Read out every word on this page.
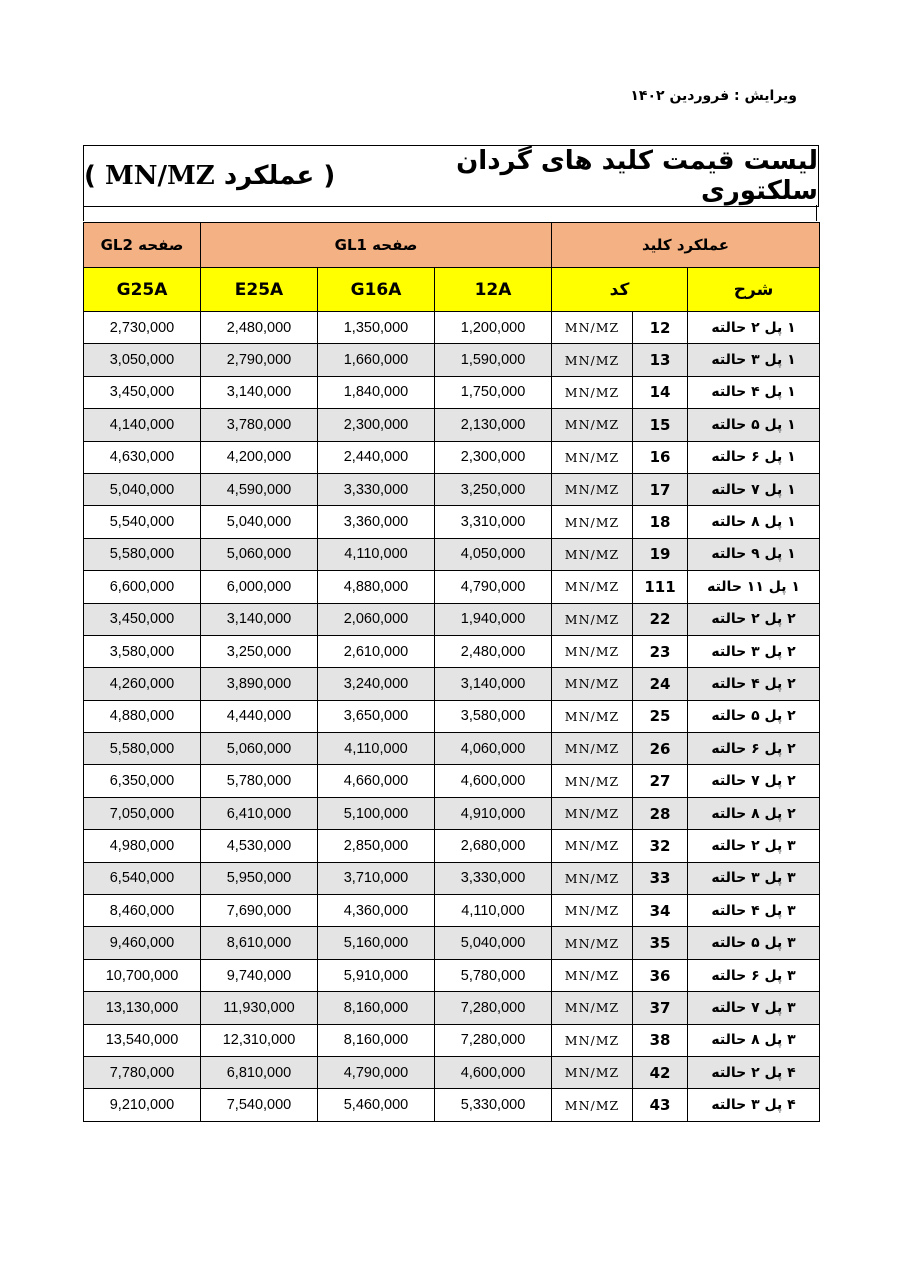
ویرایش : فروردین ۱۴۰۲
لیست قیمت کلید های گردان سلکتوری

(

عملکرد

MN/MZ

)
صفحه GL2	صفحه GL1			عملکرد کلید		
G25A	E25A	G16A	12A	کد		شرح
2,730,000	2,480,000	1,350,000	1,200,000	MN/MZ	12	۱ پل ۲ حالته
3,050,000	2,790,000	1,660,000	1,590,000	MN/MZ	13	۱ پل ۳ حالته
3,450,000	3,140,000	1,840,000	1,750,000	MN/MZ	14	۱ پل ۴ حالته
4,140,000	3,780,000	2,300,000	2,130,000	MN/MZ	15	۱ پل ۵ حالته
4,630,000	4,200,000	2,440,000	2,300,000	MN/MZ	16	۱ پل ۶ حالته
5,040,000	4,590,000	3,330,000	3,250,000	MN/MZ	17	۱ پل ۷ حالته
5,540,000	5,040,000	3,360,000	3,310,000	MN/MZ	18	۱ پل ۸ حالته
5,580,000	5,060,000	4,110,000	4,050,000	MN/MZ	19	۱ پل ۹ حالته
6,600,000	6,000,000	4,880,000	4,790,000	MN/MZ	111	۱ پل ۱۱ حالته
3,450,000	3,140,000	2,060,000	1,940,000	MN/MZ	22	۲ پل ۲ حالته
3,580,000	3,250,000	2,610,000	2,480,000	MN/MZ	23	۲ پل ۳ حالته
4,260,000	3,890,000	3,240,000	3,140,000	MN/MZ	24	۲ پل ۴ حالته
4,880,000	4,440,000	3,650,000	3,580,000	MN/MZ	25	۲ پل ۵ حالته
5,580,000	5,060,000	4,110,000	4,060,000	MN/MZ	26	۲ پل ۶ حالته
6,350,000	5,780,000	4,660,000	4,600,000	MN/MZ	27	۲ پل ۷ حالته
7,050,000	6,410,000	5,100,000	4,910,000	MN/MZ	28	۲ پل ۸ حالته
4,980,000	4,530,000	2,850,000	2,680,000	MN/MZ	32	۳ پل ۲ حالته
6,540,000	5,950,000	3,710,000	3,330,000	MN/MZ	33	۳ پل ۳ حالته
8,460,000	7,690,000	4,360,000	4,110,000	MN/MZ	34	۳ پل ۴ حالته
9,460,000	8,610,000	5,160,000	5,040,000	MN/MZ	35	۳ پل ۵ حالته
10,700,000	9,740,000	5,910,000	5,780,000	MN/MZ	36	۳ پل ۶ حالته
13,130,000	11,930,000	8,160,000	7,280,000	MN/MZ	37	۳ پل ۷ حالته
13,540,000	12,310,000	8,160,000	7,280,000	MN/MZ	38	۳ پل ۸ حالته
7,780,000	6,810,000	4,790,000	4,600,000	MN/MZ	42	۴ پل ۲ حالته
9,210,000	7,540,000	5,460,000	5,330,000	MN/MZ	43	۴ پل ۳ حالته
